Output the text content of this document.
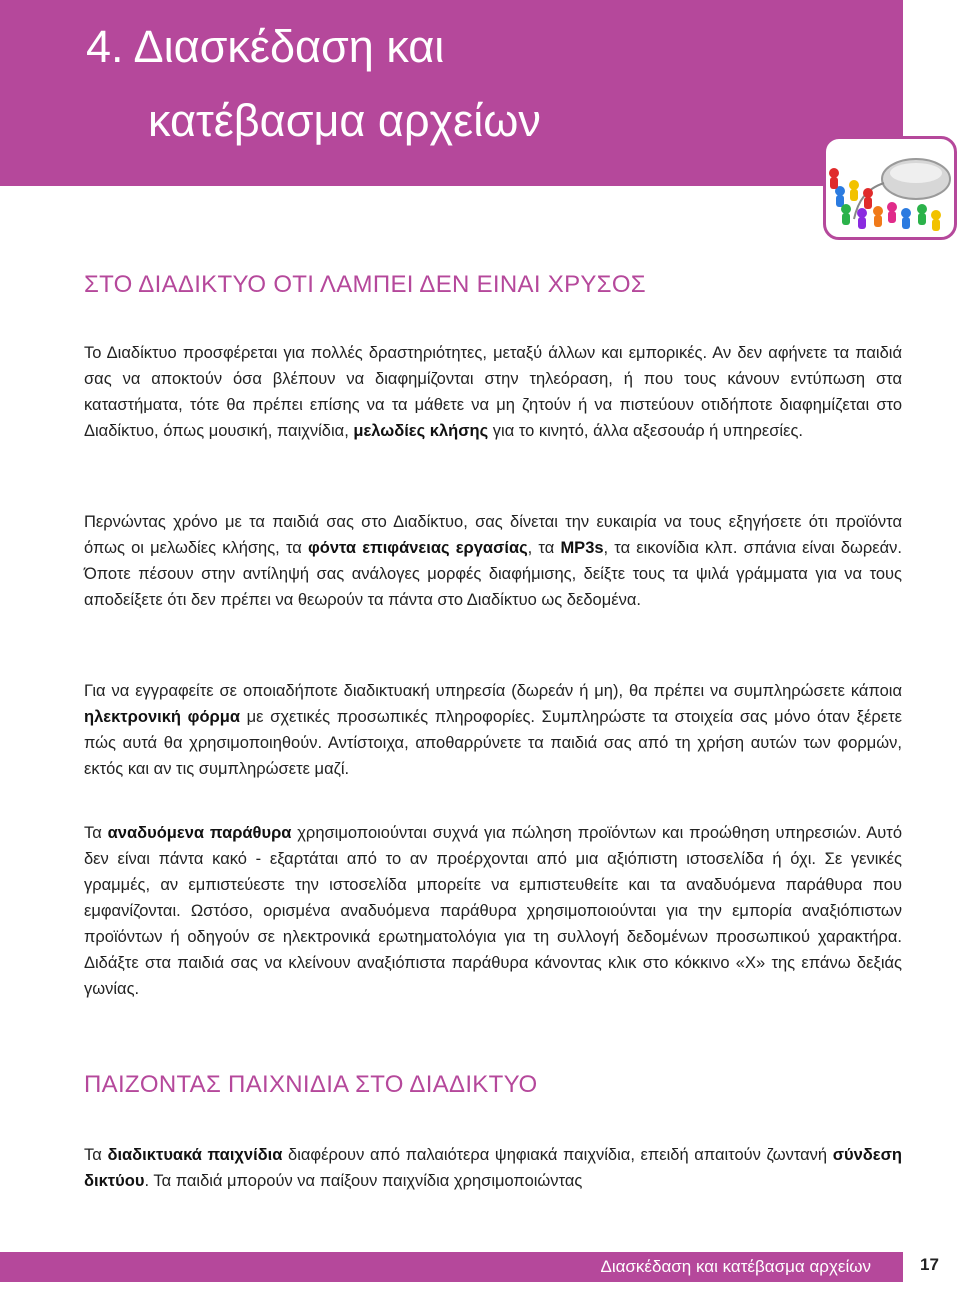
4. Διασκέδαση και
κατέβασμα αρχείων
ΣΤΟ ΔΙΑΔΙΚΤΥΟ ΟΤΙ ΛΑΜΠΕΙ ΔΕΝ ΕΙΝΑΙ ΧΡΥΣΟΣ

Το Διαδίκτυο προσφέρεται για πολλές δραστηριότητες, μεταξύ άλλων και εμπορικές. Αν δεν αφήνετε τα παιδιά σας να αποκτούν όσα βλέπουν να διαφημίζονται στην τηλεόραση, ή που τους κάνουν εντύπωση στα καταστήματα, τότε θα πρέπει επίσης να τα μάθετε να μη ζητούν ή να πιστεύουν οτιδήποτε διαφημίζεται στο Διαδίκτυο, όπως μουσική, παιχνίδια, μελωδίες κλήσης για το κινητό, άλλα αξεσουάρ ή υπηρεσίες.

Περνώντας χρόνο με τα παιδιά σας στο Διαδίκτυο, σας δίνεται την ευκαιρία να τους εξηγήσετε ότι προϊόντα όπως οι μελωδίες κλήσης, τα φόντα επιφάνειας εργασίας, τα MP3s, τα εικονίδια κλπ. σπάνια είναι δωρεάν. Όποτε πέσουν στην αντίληψή σας ανάλογες μορφές διαφήμισης, δείξτε τους τα ψιλά γράμματα για να τους αποδείξετε ότι δεν πρέπει να θεωρούν τα πάντα στο Διαδίκτυο ως δεδομένα.

Για να εγγραφείτε σε οποιαδήποτε διαδικτυακή υπηρεσία (δωρεάν ή μη), θα πρέπει να συμπληρώσετε κάποια ηλεκτρονική φόρμα με σχετικές προσωπικές πληροφορίες. Συμπληρώστε τα στοιχεία σας μόνο όταν ξέρετε πώς αυτά θα χρησιμοποιηθούν. Αντίστοιχα, αποθαρρύνετε τα παιδιά σας από τη χρήση αυτών των φορμών, εκτός και αν τις συμπληρώσετε μαζί.

Τα αναδυόμενα παράθυρα χρησιμοποιούνται συχνά για πώληση προϊόντων και προώθηση υπηρεσιών. Αυτό δεν είναι πάντα κακό - εξαρτάται από το αν προέρχονται από μια αξιόπιστη ιστοσελίδα ή όχι. Σε γενικές γραμμές, αν εμπιστεύεστε την ιστοσελίδα μπορείτε να εμπιστευθείτε και τα αναδυόμενα παράθυρα που εμφανίζονται. Ωστόσο, ορισμένα αναδυόμενα παράθυρα χρησιμοποιούνται για την εμπορία αναξιόπιστων προϊόντων ή οδηγούν σε ηλεκτρονικά ερωτηματολόγια για τη συλλογή δεδομένων προσωπικού χαρακτήρα. Διδάξτε στα παιδιά σας να κλείνουν αναξιόπιστα παράθυρα κάνοντας κλικ στο κόκκινο «Χ» της επάνω δεξιάς γωνίας.

ΠΑΙΖΟΝΤΑΣ ΠΑΙΧΝΙΔΙΑ ΣΤΟ ΔΙΑΔΙΚΤΥΟ

Τα διαδικτυακά παιχνίδια διαφέρουν από παλαιότερα ψηφιακά παιχνίδια, επειδή απαιτούν ζωντανή σύνδεση δικτύου. Τα παιδιά μπορούν να παίξουν παιχνίδια χρησιμοποιώντας

Διασκέδαση και κατέβασμα αρχείων	17
